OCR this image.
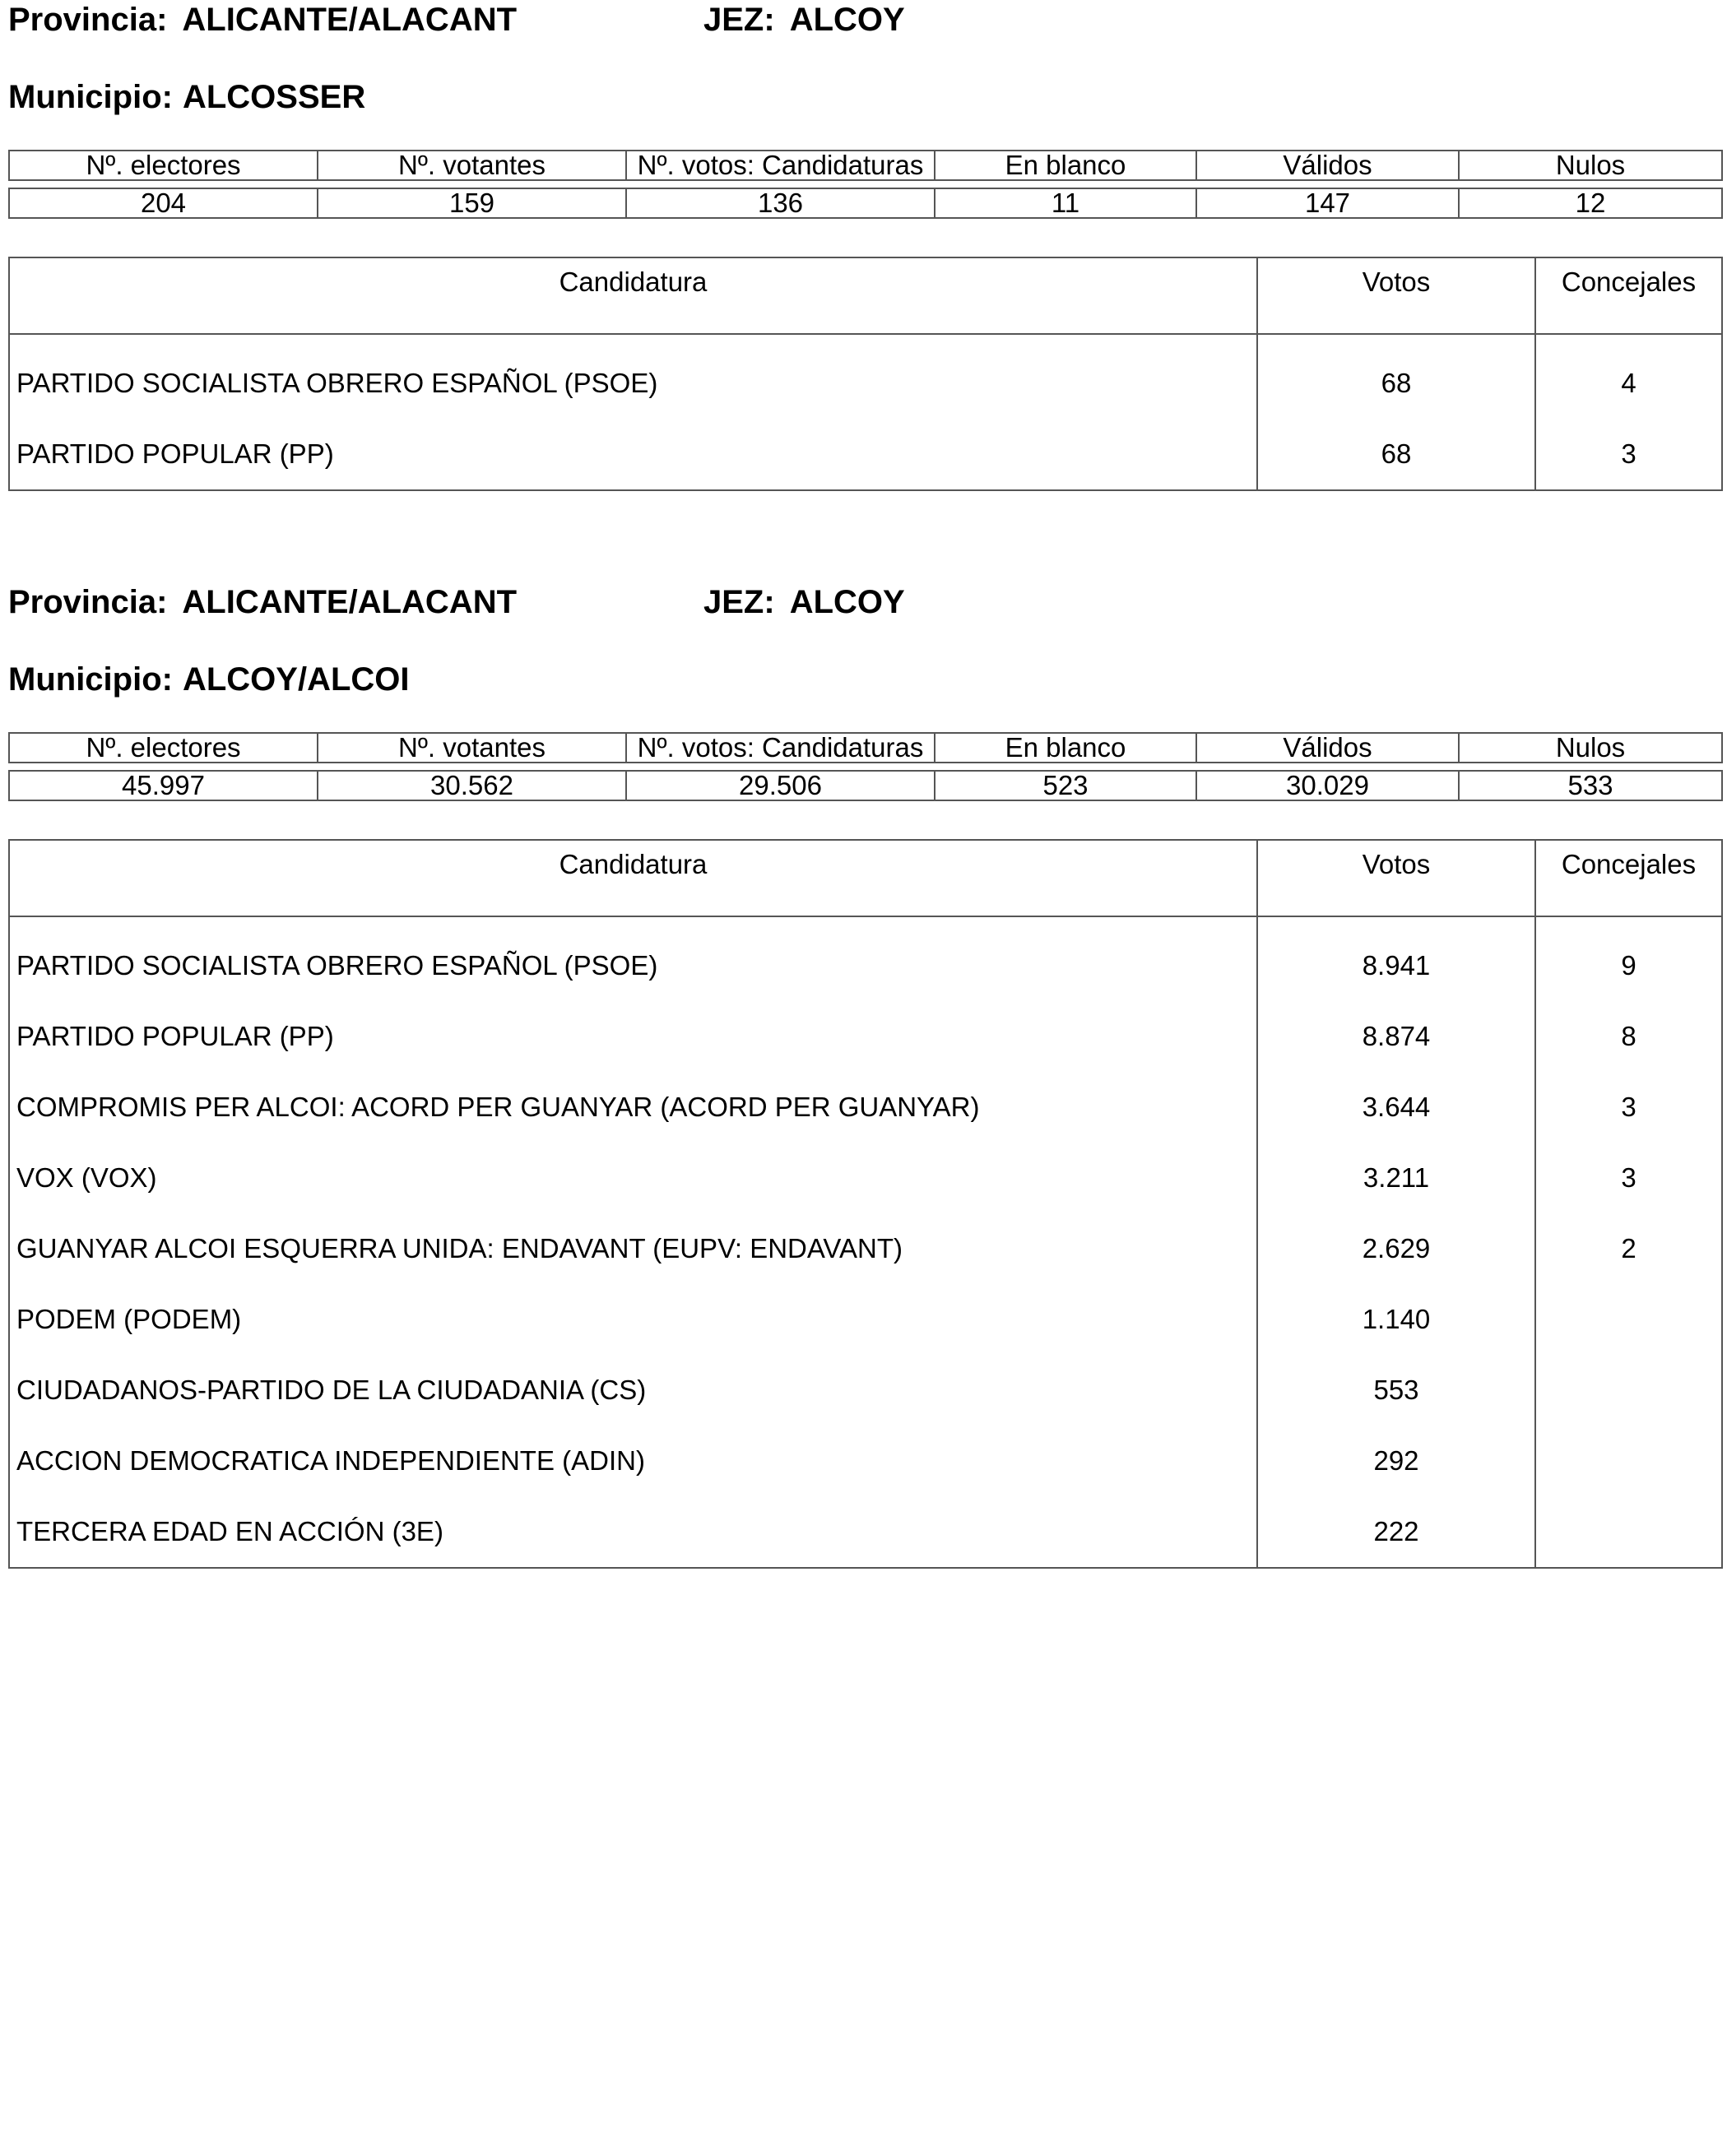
Provincia: ALICANTE/ALACANT	JEZ: ALCOY
Municipio: ALCOSSER
Nº. electores	Nº. votantes	Nº. votos: Candidaturas	En blanco	Válidos	Nulos

204	159	136	11	147	12
Candidatura	Votos	Concejales
PARTIDO SOCIALISTA OBRERO ESPAÑOL (PSOE)	68	4
PARTIDO POPULAR (PP)	68	3
Provincia: ALICANTE/ALACANT	JEZ: ALCOY
Municipio: ALCOY/ALCOI
Nº. electores	Nº. votantes	Nº. votos: Candidaturas	En blanco	Válidos	Nulos

45.997	30.562	29.506	523	30.029	533
Candidatura	Votos	Concejales
PARTIDO SOCIALISTA OBRERO ESPAÑOL (PSOE)	8.941	9
PARTIDO POPULAR (PP)	8.874	8
COMPROMIS PER ALCOI: ACORD PER GUANYAR (ACORD PER GUANYAR)	3.644	3
VOX (VOX)	3.211	3
GUANYAR ALCOI ESQUERRA UNIDA: ENDAVANT (EUPV: ENDAVANT)	2.629	2
PODEM (PODEM)	1.140	
CIUDADANOS-PARTIDO DE LA CIUDADANIA (CS)	553	
ACCION DEMOCRATICA INDEPENDIENTE (ADIN)	292	
TERCERA EDAD EN ACCIÓN (3E)	222	
